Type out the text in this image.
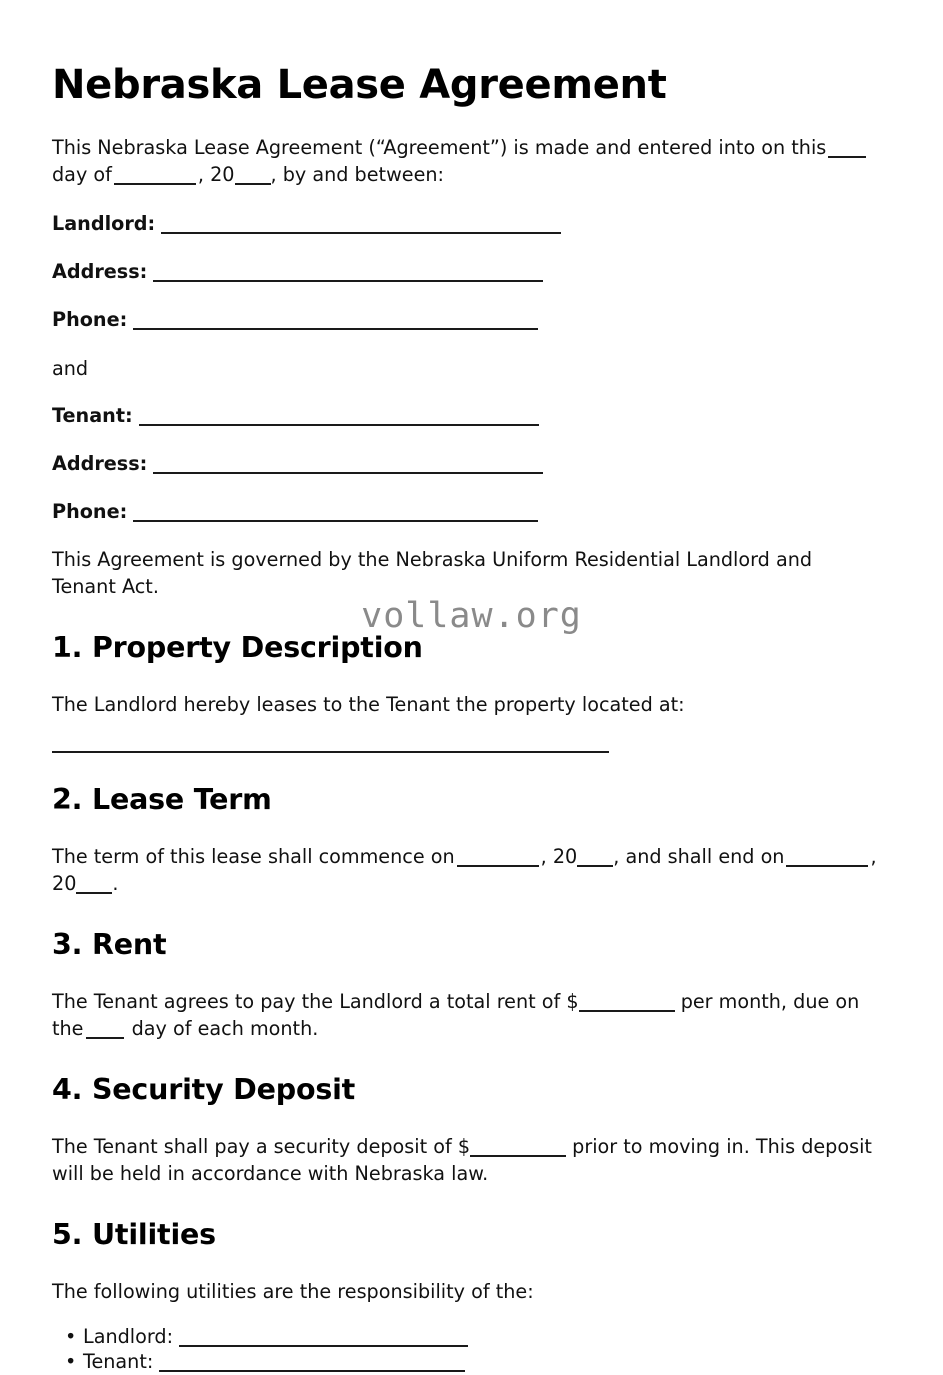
vollaw.org
Nebraska Lease Agreement

This Nebraska Lease Agreement (“Agreement”) is made and entered into on thisday of	, 20 , by and between:

Landlord:
Address:
Phone:
and
Tenant:
Address:
Phone:

This Agreement is governed by the Nebraska Uniform Residential Landlord and Tenant Act.

1. Property Description

The Landlord hereby leases to the Tenant the property located at:

2. Lease Term

The term of this lease shall commence on	, 20 , and shall end on	, 20 .

3. Rent

The Tenant agrees to pay the Landlord a total rent of $	per month, due on the	day of each month.

4. Security Deposit

The Tenant shall pay a security deposit of $	prior to moving in. This deposit will be held in accordance with Nebraska law.

5. Utilities

The following utilities are the responsibility of the:

• Landlord:
• Tenant:
